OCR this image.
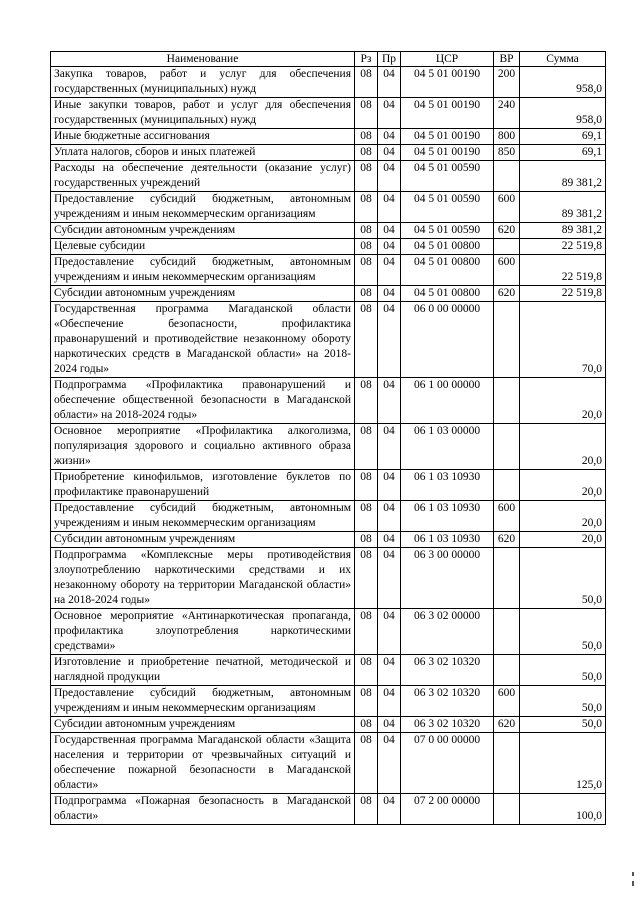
Наименование	Рз	Пр	ЦСР	ВР	Сумма
Закупка товаров, работ и услуг для обеспечения государственных (муниципальных) нужд	08	04	04 5 01 00190	200	958,0
Иные закупки товаров, работ и услуг для обеспечения государственных (муниципальных) нужд	08	04	04 5 01 00190	240	958,0
Иные бюджетные ассигнования	08	04	04 5 01 00190	800	69,1
Уплата налогов, сборов и иных платежей	08	04	04 5 01 00190	850	69,1
Расходы на обеспечение деятельности (оказание услуг) государственных учреждений	08	04	04 5 01 00590		89 381,2
Предоставление субсидий бюджетным, автономным учреждениям и иным некоммерческим организациям	08	04	04 5 01 00590	600	89 381,2
Субсидии автономным учреждениям	08	04	04 5 01 00590	620	89 381,2
Целевые субсидии	08	04	04 5 01 00800		22 519,8
Предоставление субсидий бюджетным, автономным учреждениям и иным некоммерческим организациям	08	04	04 5 01 00800	600	22 519,8
Субсидии автономным учреждениям	08	04	04 5 01 00800	620	22 519,8
Государственная программа Магаданской области «Обеспечение безопасности, профилактика правонарушений и противодействие незаконному обороту наркотических средств в Магаданской области» на 2018-2024 годы»	08	04	06 0 00 00000		70,0
Подпрограмма «Профилактика правонарушений и обеспечение общественной безопасности в Магаданской области» на 2018-2024 годы»	08	04	06 1 00 00000		20,0
Основное мероприятие «Профилактика алкоголизма, популяризация здорового и социально активного образа жизни»	08	04	06 1 03 00000		20,0
Приобретение кинофильмов, изготовление буклетов по профилактике правонарушений	08	04	06 1 03 10930		20,0
Предоставление субсидий бюджетным, автономным учреждениям и иным некоммерческим организациям	08	04	06 1 03 10930	600	20,0
Субсидии автономным учреждениям	08	04	06 1 03 10930	620	20,0
Подпрограмма «Комплексные меры противодействия злоупотреблению наркотическими средствами и их незаконному обороту на территории Магаданской области» на 2018-2024 годы»	08	04	06 3 00 00000		50,0
Основное мероприятие «Антинаркотическая пропаганда, профилактика злоупотребления наркотическими средствами»	08	04	06 3 02 00000		50,0
Изготовление и приобретение печатной, методической и наглядной продукции	08	04	06 3 02 10320		50,0
Предоставление субсидий бюджетным, автономным учреждениям и иным некоммерческим организациям	08	04	06 3 02 10320	600	50,0
Субсидии автономным учреждениям	08	04	06 3 02 10320	620	50,0
Государственная программа Магаданской области «Защита населения и территории от чрезвычайных ситуаций и обеспечение пожарной безопасности в Магаданской области»	08	04	07 0 00 00000		125,0
Подпрограмма «Пожарная безопасность в Магаданской области»	08	04	07 2 00 00000		100,0
